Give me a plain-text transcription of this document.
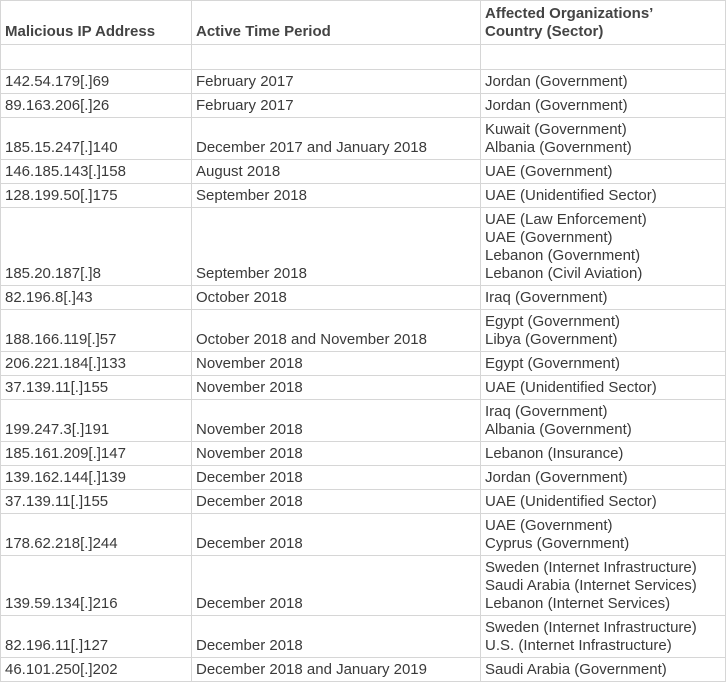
Malicious IP Address	Active Time Period	Affected Organizations’
Country (Sector)

142.54.179[.]69	February 2017	Jordan (Government)

89.163.206[.]26	February 2017	Jordan (Government)

185.15.247[.]140	December 2017 and January 2018	Kuwait (Government)
Albania (Government)

146.185.143[.]158	August 2018	UAE (Government)

128.199.50[.]175	September 2018	UAE (Unidentified Sector)

185.20.187[.]8	September 2018	UAE (Law Enforcement)
UAE (Government)
Lebanon (Government)
Lebanon (Civil Aviation)

82.196.8[.]43	October 2018	Iraq (Government)

188.166.119[.]57	October 2018 and November 2018	Egypt (Government)
Libya (Government)

206.221.184[.]133	November 2018	Egypt (Government)

37.139.11[.]155	November 2018	UAE (Unidentified Sector)

199.247.3[.]191	November 2018	Iraq (Government)
Albania (Government)

185.161.209[.]147	November 2018	Lebanon (Insurance)

139.162.144[.]139	December 2018	Jordan (Government)

37.139.11[.]155	December 2018	UAE (Unidentified Sector)

178.62.218[.]244	December 2018	UAE (Government)
Cyprus (Government)

139.59.134[.]216	December 2018	Sweden (Internet Infrastructure)
Saudi Arabia (Internet Services)
Lebanon (Internet Services)

82.196.11[.]127	December 2018	Sweden (Internet Infrastructure)
U.S. (Internet Infrastructure)

46.101.250[.]202	December 2018 and January 2019	Saudi Arabia (Government)
